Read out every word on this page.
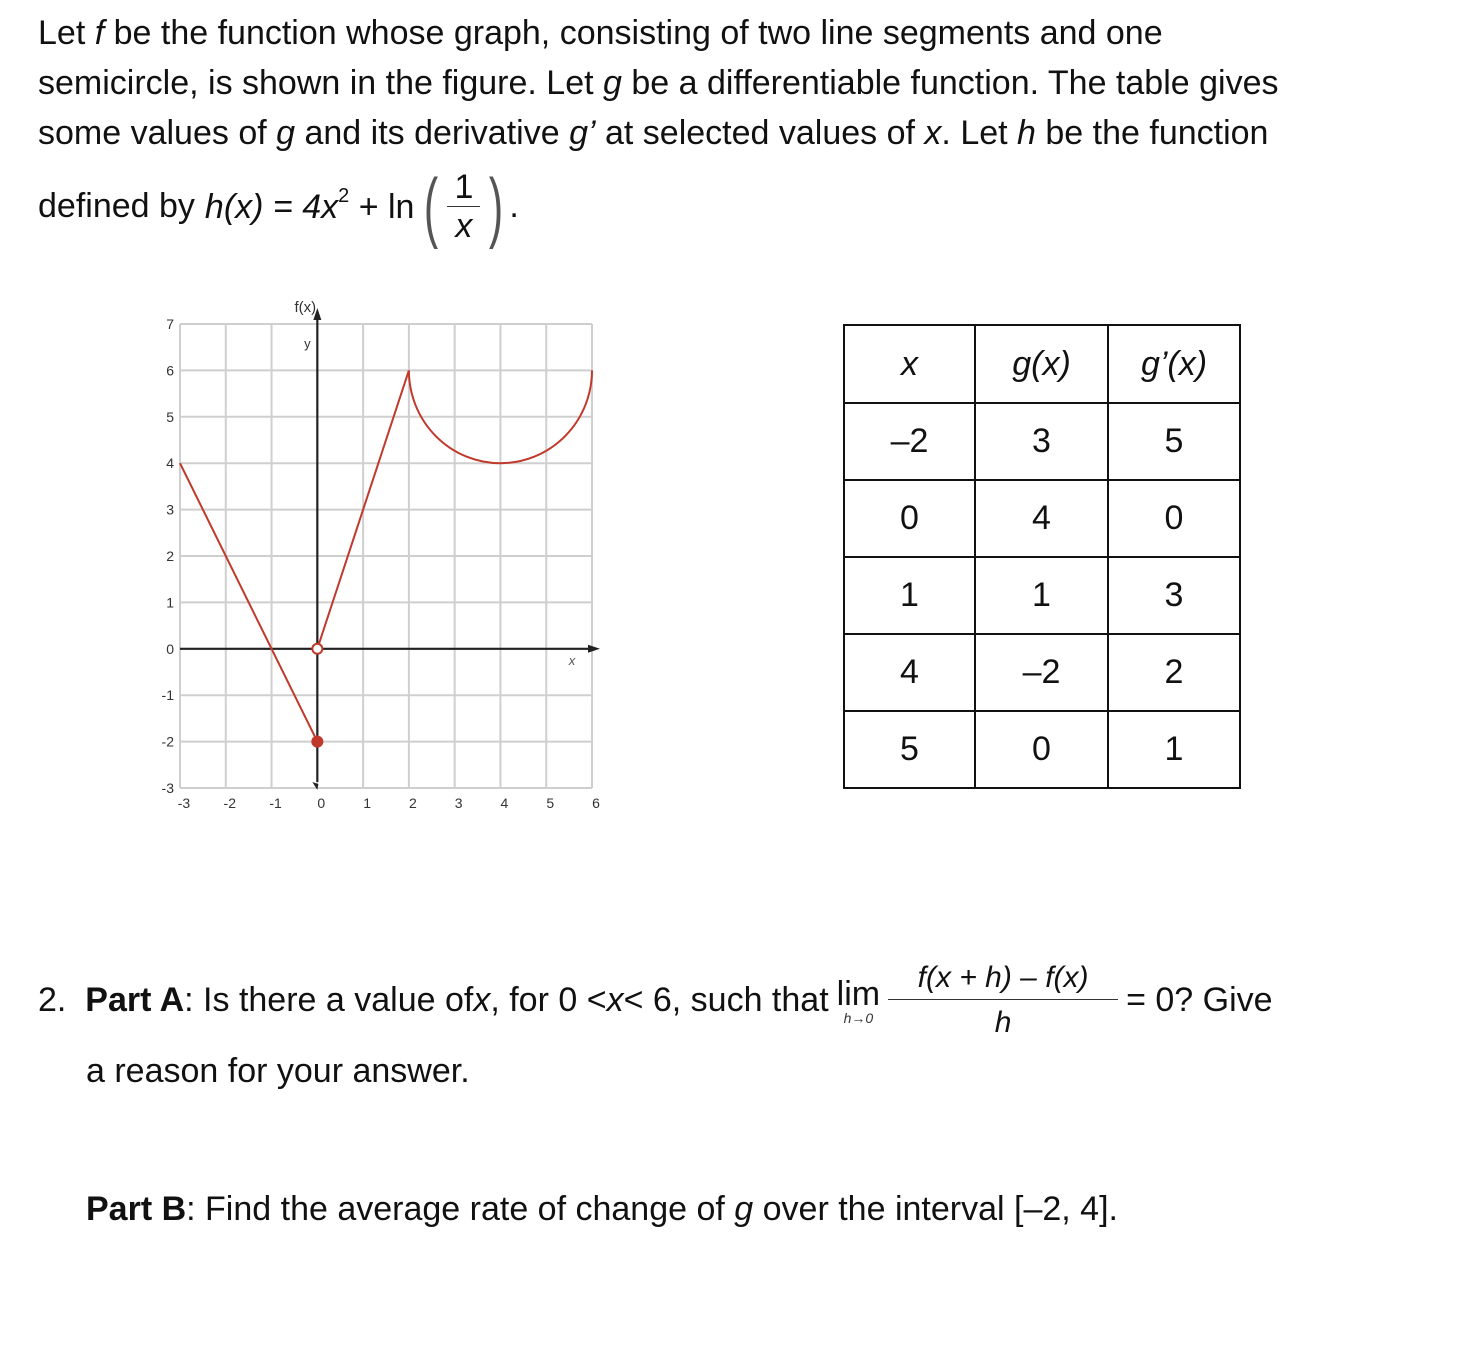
Let f be the function whose graph, consisting of two line segments and one

semicircle, is shown in the figure. Let g be a differentiable function. The table gives

some values of g and its derivative g’ at selected values of x. Let h be the function

defined by $h(x) = 4x^2 + \ln$ ( $\frac{1}{x}$ ) .
f(x)
y
x
7
6
5
4
3
2
1
0
-1
-2
-3
-3 -2 -1	0	1	2	3	4	5	6
x	g(x)	g’(x)
–2	3	5
0	4	0
1	1	3
4	–2	2
5	0	1
2.
Part A : Is there a value of x , for 0 < x < 6, such that lim
$h\to 0 \frac{f(x + h) - f(x)}{h} = 0$? Give
a reason for your answer.
Part B: Find the average rate of change of g over the interval [–2, 4].
